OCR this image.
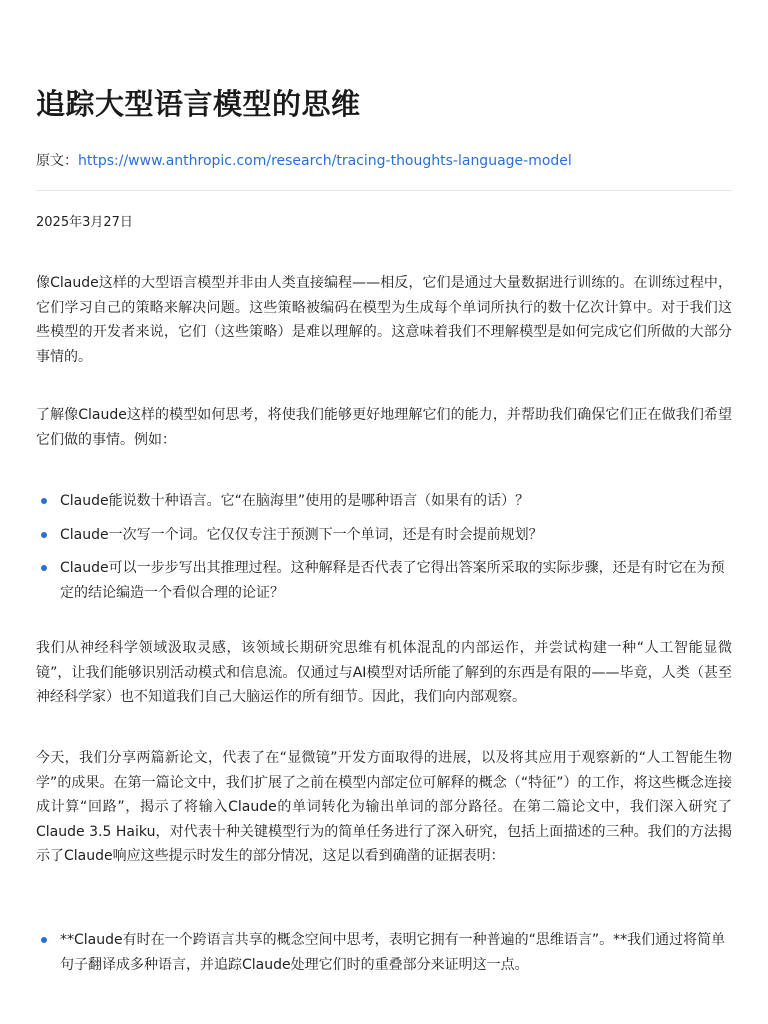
追踪大型语言模型的思维
原文：https://www.anthropic.com/research/tracing-thoughts-language-model
2025年3月27日

像Claude这样的大型语言模型并非由人类直接编程——相反，它们是通过大量数据进行训练的。在训练过程中，它们学习自己的策略来解决问题。这些策略被编码在模型为生成每个单词所执行的数十亿次计算中。对于我们这些模型的开发者来说，它们（这些策略）是难以理解的。这意味着我们不理解模型是如何完成它们所做的大部分事情的。

了解像Claude这样的模型如何思考，将使我们能够更好地理解它们的能力，并帮助我们确保它们正在做我们希望它们做的事情。例如：

Claude能说数十种语言。它“在脑海里”使用的是哪种语言（如果有的话）？
Claude一次写一个词。它仅仅专注于预测下一个单词，还是有时会提前规划？
Claude可以一步步写出其推理过程。这种解释是否代表了它得出答案所采取的实际步骤，还是有时它在为预定的结论编造一个看似合理的论证？

我们从神经科学领域汲取灵感，该领域长期研究思维有机体混乱的内部运作，并尝试构建一种“人工智能显微镜”，让我们能够识别活动模式和信息流。仅通过与AI模型对话所能了解到的东西是有限的——毕竟，人类（甚至神经科学家）也不知道我们自己大脑运作的所有细节。因此，我们向内部观察。

今天，我们分享两篇新论文，代表了在“显微镜”开发方面取得的进展，以及将其应用于观察新的“人工智能生物学”的成果。在第一篇论文中，我们扩展了之前在模型内部定位可解释的概念（“特征”）的工作，将这些概念连接成计算“回路”，揭示了将输入Claude的单词转化为输出单词的部分路径。在第二篇论文中，我们深入研究了Claude 3.5 Haiku，对代表十种关键模型行为的简单任务进行了深入研究，包括上面描述的三种。我们的方法揭示了Claude响应这些提示时发生的部分情况，这足以看到确凿的证据表明：

**Claude有时在一个跨语言共享的概念空间中思考，表明它拥有一种普遍的“思维语言”。**我们通过将简单句子翻译成多种语言，并追踪Claude处理它们时的重叠部分来证明这一点。
